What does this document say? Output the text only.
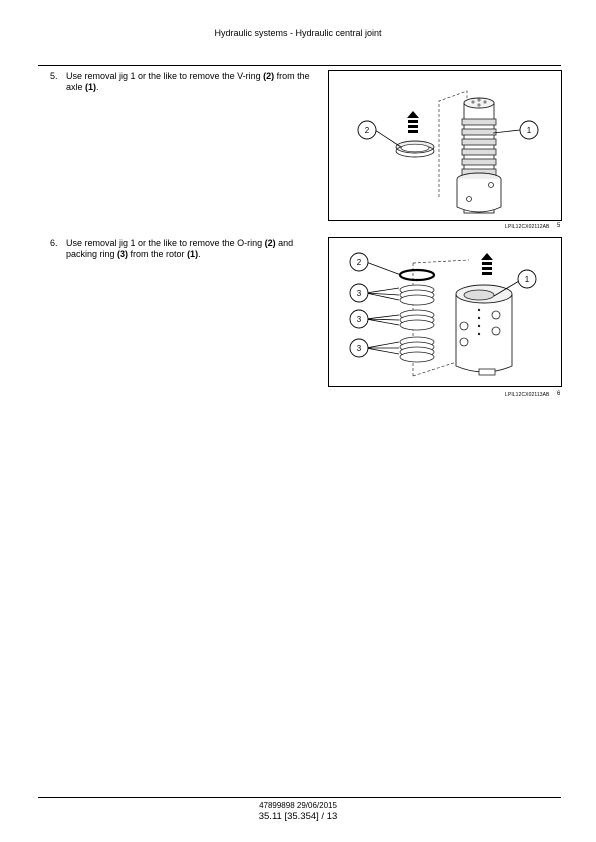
Hydraulic systems - Hydraulic central joint
5. Use removal jig 1 or the like to remove the V-ring (2) from the axle (1).
2	1
LPIL12CX02112AB 5
6. Use removal jig 1 or the like to remove the O-ring (2) and packing ring (3) from the rotor (1).
2
3
3
3
1
LPIL12CX02113AB 6
47899898 29/06/2015
35.11 [35.354] / 13
